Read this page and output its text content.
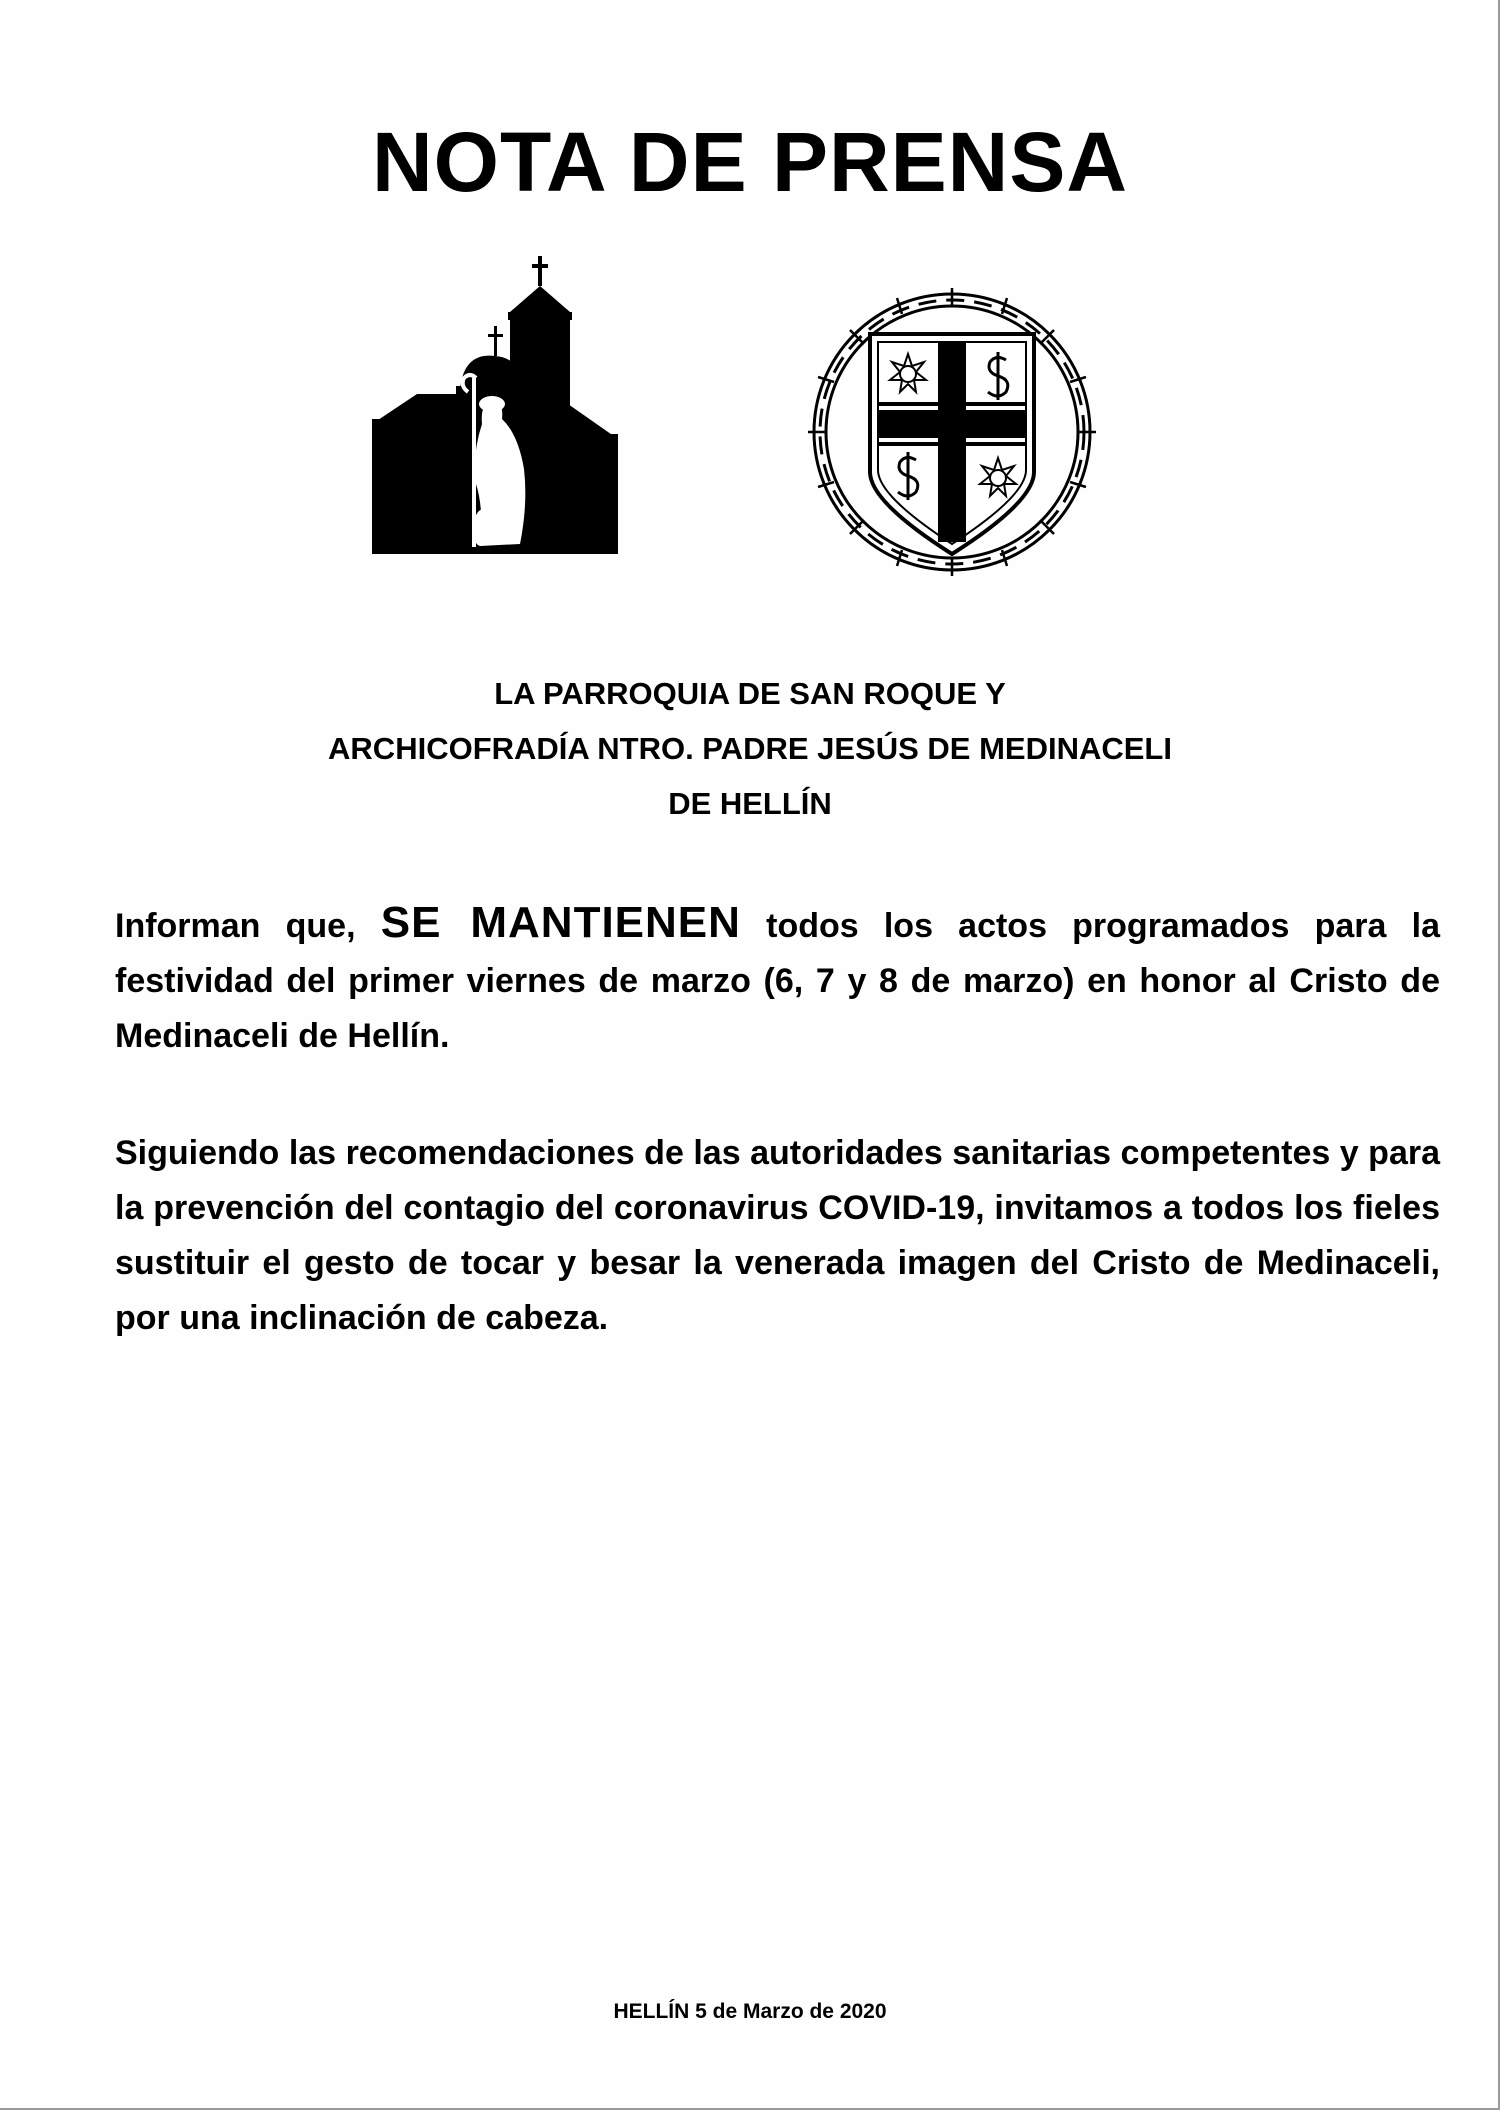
NOTA DE PRENSA
LA PARROQUIA DE SAN ROQUE Y
ARCHICOFRADÍA NTRO. PADRE JESÚS DE MEDINACELI
DE HELLÍN
Informan que, SE MANTIENEN todos los actos programados para la festividad del primer viernes de marzo (6, 7 y 8 de marzo) en honor al Cristo de Medinaceli de Hellín.
Siguiendo las recomendaciones de las autoridades sanitarias competentes y para la prevención del contagio del coronavirus COVID-19, invitamos a todos los fieles sustituir el gesto de tocar y besar la venerada imagen del Cristo de Medinaceli, por una inclinación de cabeza.
HELLÍN 5 de Marzo de 2020
